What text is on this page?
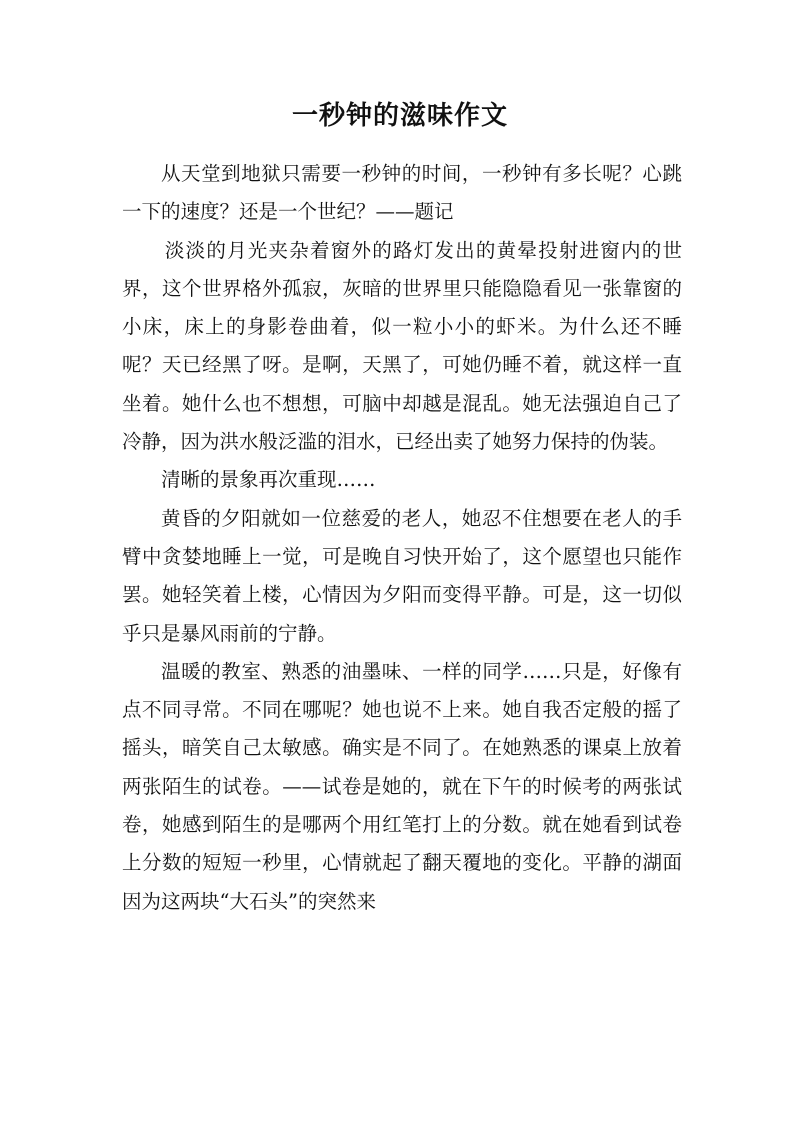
一秒钟的滋味作文

从天堂到地狱只需要一秒钟的时间，一秒钟有多长呢？心跳一下的速度？还是一个世纪？——题记

淡淡的月光夹杂着窗外的路灯发出的黄晕投射进窗内的世界，这个世界格外孤寂，灰暗的世界里只能隐隐看见一张靠窗的小床，床上的身影卷曲着，似一粒小小的虾米。为什么还不睡呢？天已经黑了呀。是啊，天黑了，可她仍睡不着，就这样一直坐着。她什么也不想想，可脑中却越是混乱。她无法强迫自己了冷静，因为洪水般泛滥的泪水，已经出卖了她努力保持的伪装。

清晰的景象再次重现……

黄昏的夕阳就如一位慈爱的老人，她忍不住想要在老人的手臂中贪婪地睡上一觉，可是晚自习快开始了，这个愿望也只能作罢。她轻笑着上楼，心情因为夕阳而变得平静。可是，这一切似乎只是暴风雨前的宁静。

温暖的教室、熟悉的油墨味、一样的同学……只是，好像有点不同寻常。不同在哪呢？她也说不上来。她自我否定般的摇了摇头，暗笑自己太敏感。确实是不同了。在她熟悉的课桌上放着两张陌生的试卷。——试卷是她的，就在下午的时候考的两张试卷，她感到陌生的是哪两个用红笔打上的分数。就在她看到试卷上分数的短短一秒里，心情就起了翻天覆地的变化。平静的湖面因为这两块“大石头”的突然来
